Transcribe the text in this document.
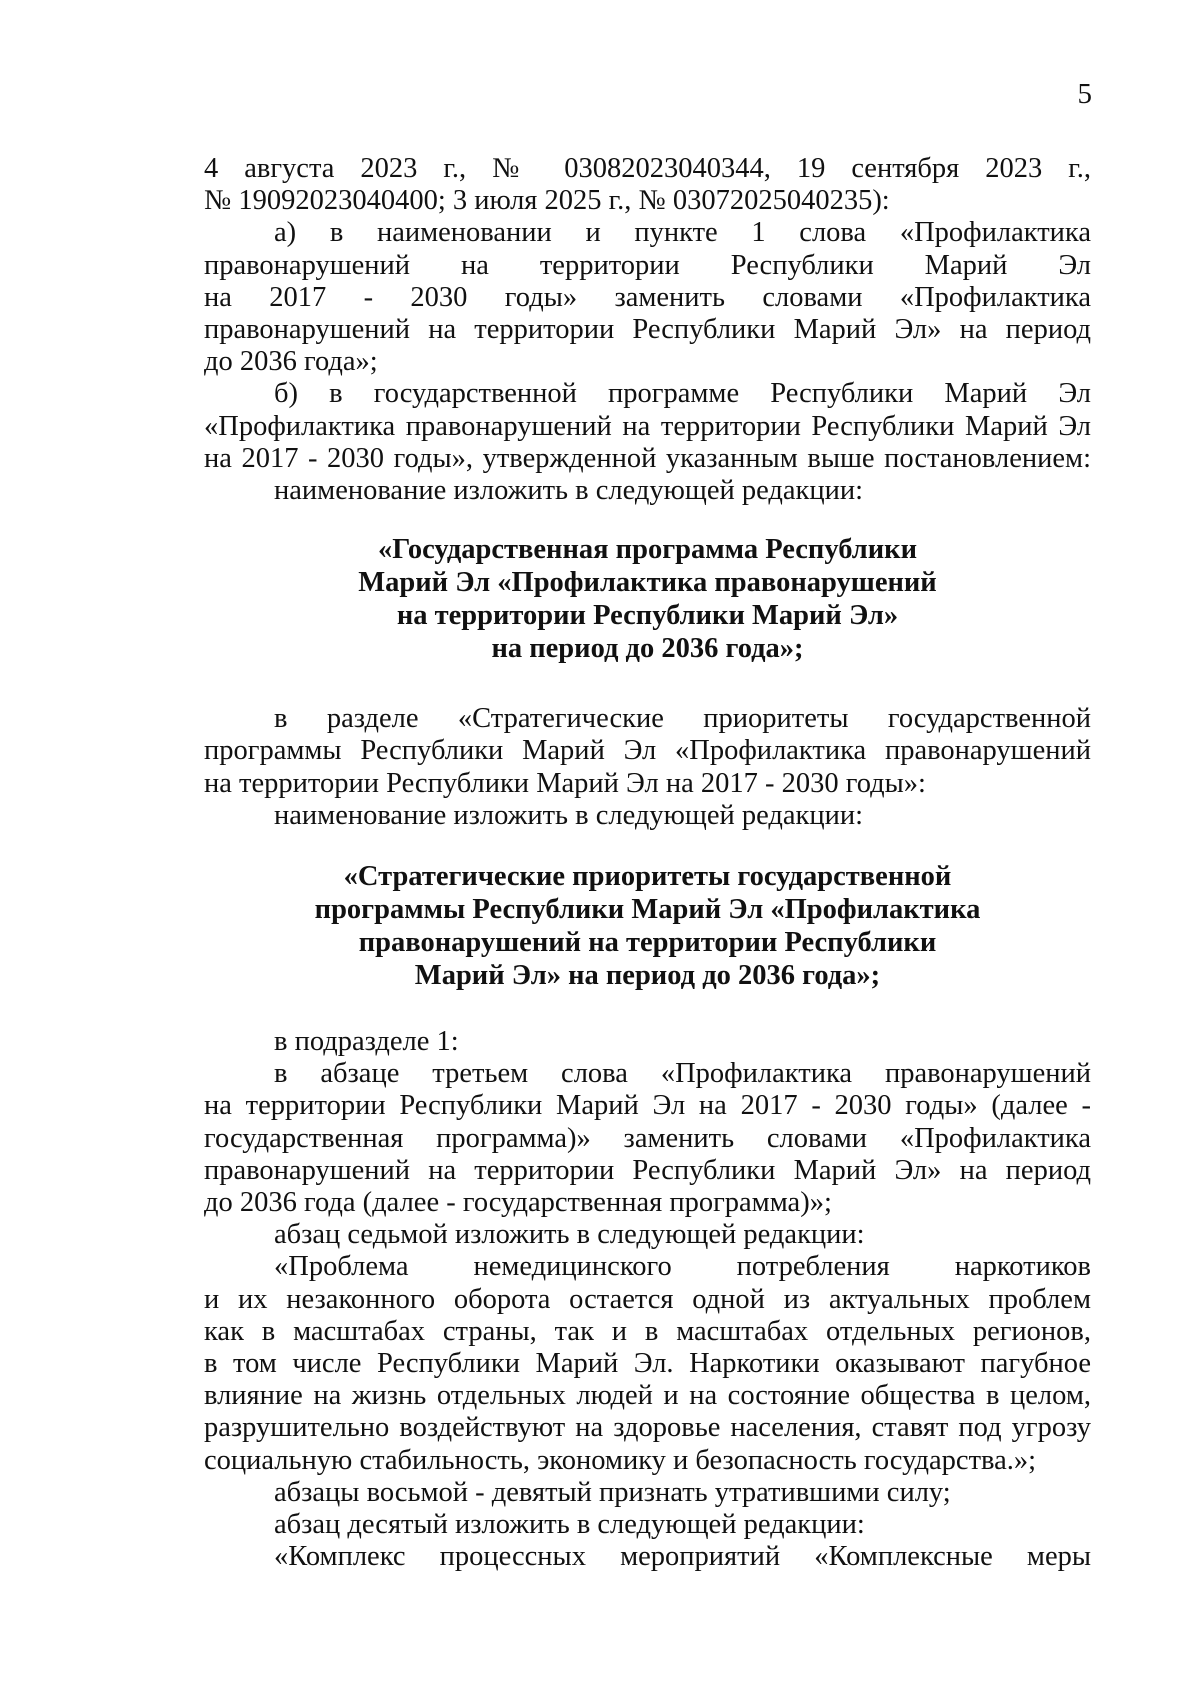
5
4 августа 2023 г., № 03082023040344, 19 сентября 2023 г.,
№ 19092023040400; 3 июля 2025 г., № 03072025040235):
а) в наименовании и пункте 1 слова «Профилактика
правонарушений на территории Республики Марий Эл
на 2017 - 2030 годы» заменить словами «Профилактика
правонарушений на территории Республики Марий Эл» на период
до 2036 года»;
б) в государственной программе Республики Марий Эл
«Профилактика правонарушений на территории Республики Марий Эл
на 2017 - 2030 годы», утвержденной указанным выше постановлением:
наименование изложить в следующей редакции:
«Государственная программа Республики
Марий Эл «Профилактика правонарушений
на территории Республики Марий Эл»
на период до 2036 года»;
в разделе «Стратегические приоритеты государственной
программы Республики Марий Эл «Профилактика правонарушений
на территории Республики Марий Эл на 2017 - 2030 годы»:
наименование изложить в следующей редакции:
«Стратегические приоритеты государственной
программы Республики Марий Эл «Профилактика
правонарушений на территории Республики
Марий Эл» на период до 2036 года»;
в подразделе 1:
в абзаце третьем слова «Профилактика правонарушений
на территории Республики Марий Эл на 2017 - 2030 годы» (далее -
государственная программа)» заменить словами «Профилактика
правонарушений на территории Республики Марий Эл» на период
до 2036 года (далее - государственная программа)»;
абзац седьмой изложить в следующей редакции:
«Проблема немедицинского потребления наркотиков
и их незаконного оборота остается одной из актуальных проблем
как в масштабах страны, так и в масштабах отдельных регионов,
в том числе Республики Марий Эл. Наркотики оказывают пагубное
влияние на жизнь отдельных людей и на состояние общества в целом,
разрушительно воздействуют на здоровье населения, ставят под угрозу
социальную стабильность, экономику и безопасность государства.»;
абзацы восьмой - девятый признать утратившими силу;
абзац десятый изложить в следующей редакции:
«Комплекс процессных мероприятий «Комплексные меры
